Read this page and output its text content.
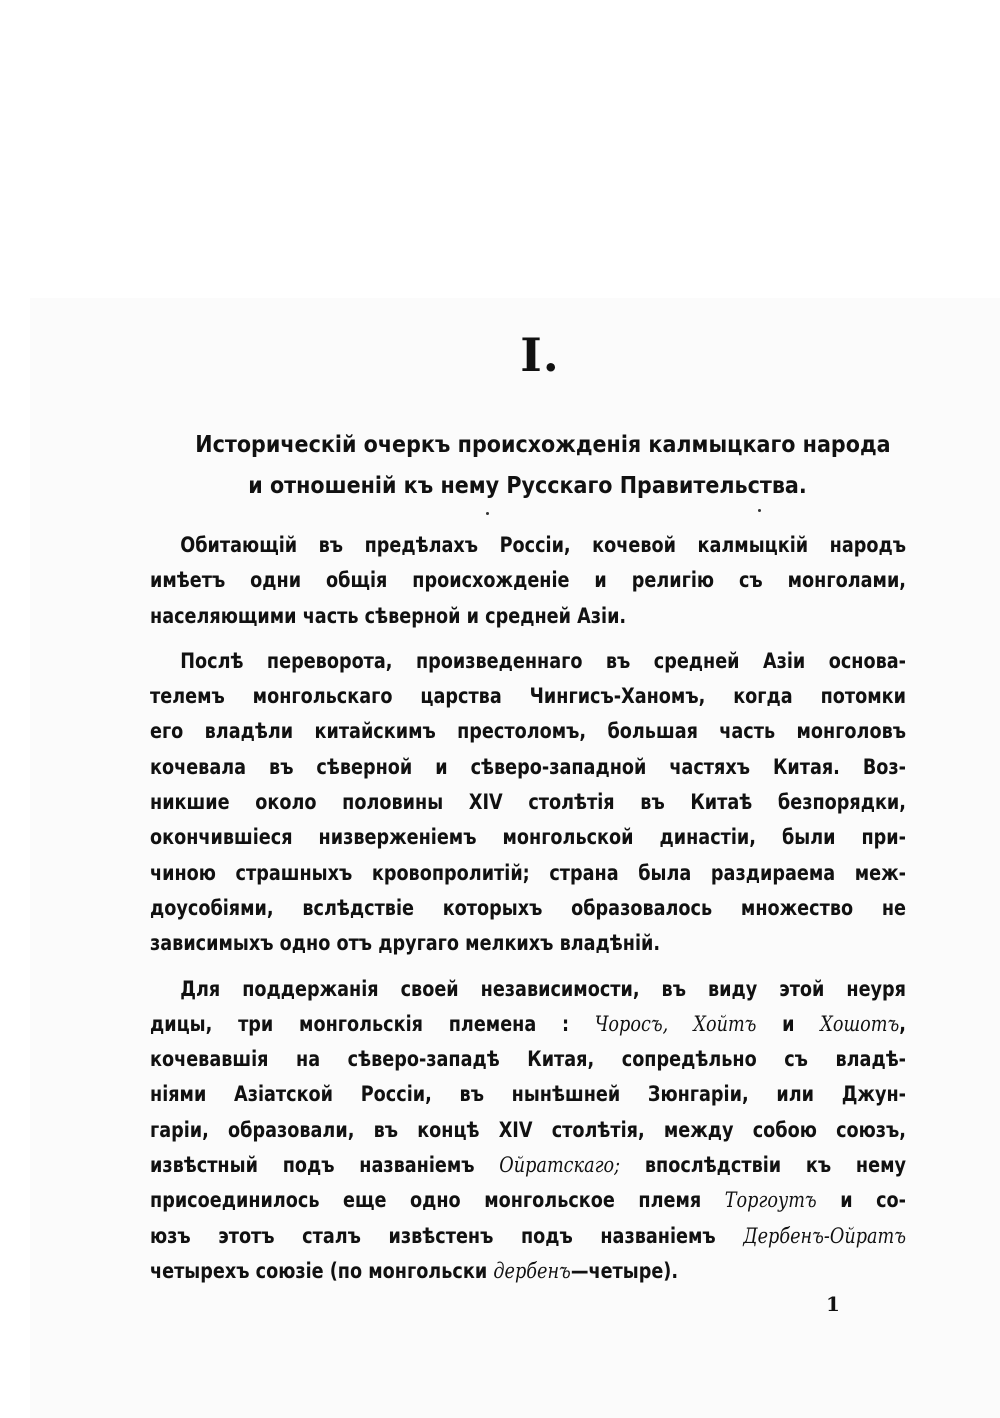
I.
Историческій очеркъ происхожденія калмыцкаго народа
и отношеній къ нему Русскаго Правительства.
Обитающій въ предѣлахъ Россіи, кочевой калмыцкій народъ
имѣетъ одни общія происхожденіе и религію съ монголами,
населяющими часть сѣверной и средней Азіи.
Послѣ переворота, произведеннаго въ средней Азіи основа-
телемъ монгольскаго царства Чингисъ-Ханомъ, когда потомки
его владѣли китайскимъ престоломъ, большая часть монголовъ
кочевала въ сѣверной и сѣверо-западной частяхъ Китая. Воз-
никшие около половины XIV столѣтія въ Китаѣ безпорядки,
окончившіеся низверженіемъ монгольской династіи, были при-
чиною страшныхъ кровопролитій; страна была раздираема меж-
доусобіями, вслѣдствіе которыхъ образовалось множество не
зависимыхъ одно отъ другаго мелкихъ владѣній.
Для поддержанія своей независимости, въ виду этой неуря
дицы, три монгольскія племена : Чоросъ, Хойтъ и Хошотъ,
кочевавшія на сѣверо-западѣ Китая, сопредѣльно съ владѣ-
ніями Азіатской Россіи, въ нынѣшней Зюнгаріи, или Джун-
гаріи, образовали, въ концѣ XIV столѣтія, между собою союзъ,
извѣстный подъ названіемъ Ойратскаго; впослѣдствіи къ нему
присоединилось еще одно монгольское племя Торгоутъ и со-
юзъ этотъ сталъ извѣстенъ подъ названіемъ Дербенъ-Ойратъ
четырехъ союзіе (по монгольски дербенъ—четыре).
1
